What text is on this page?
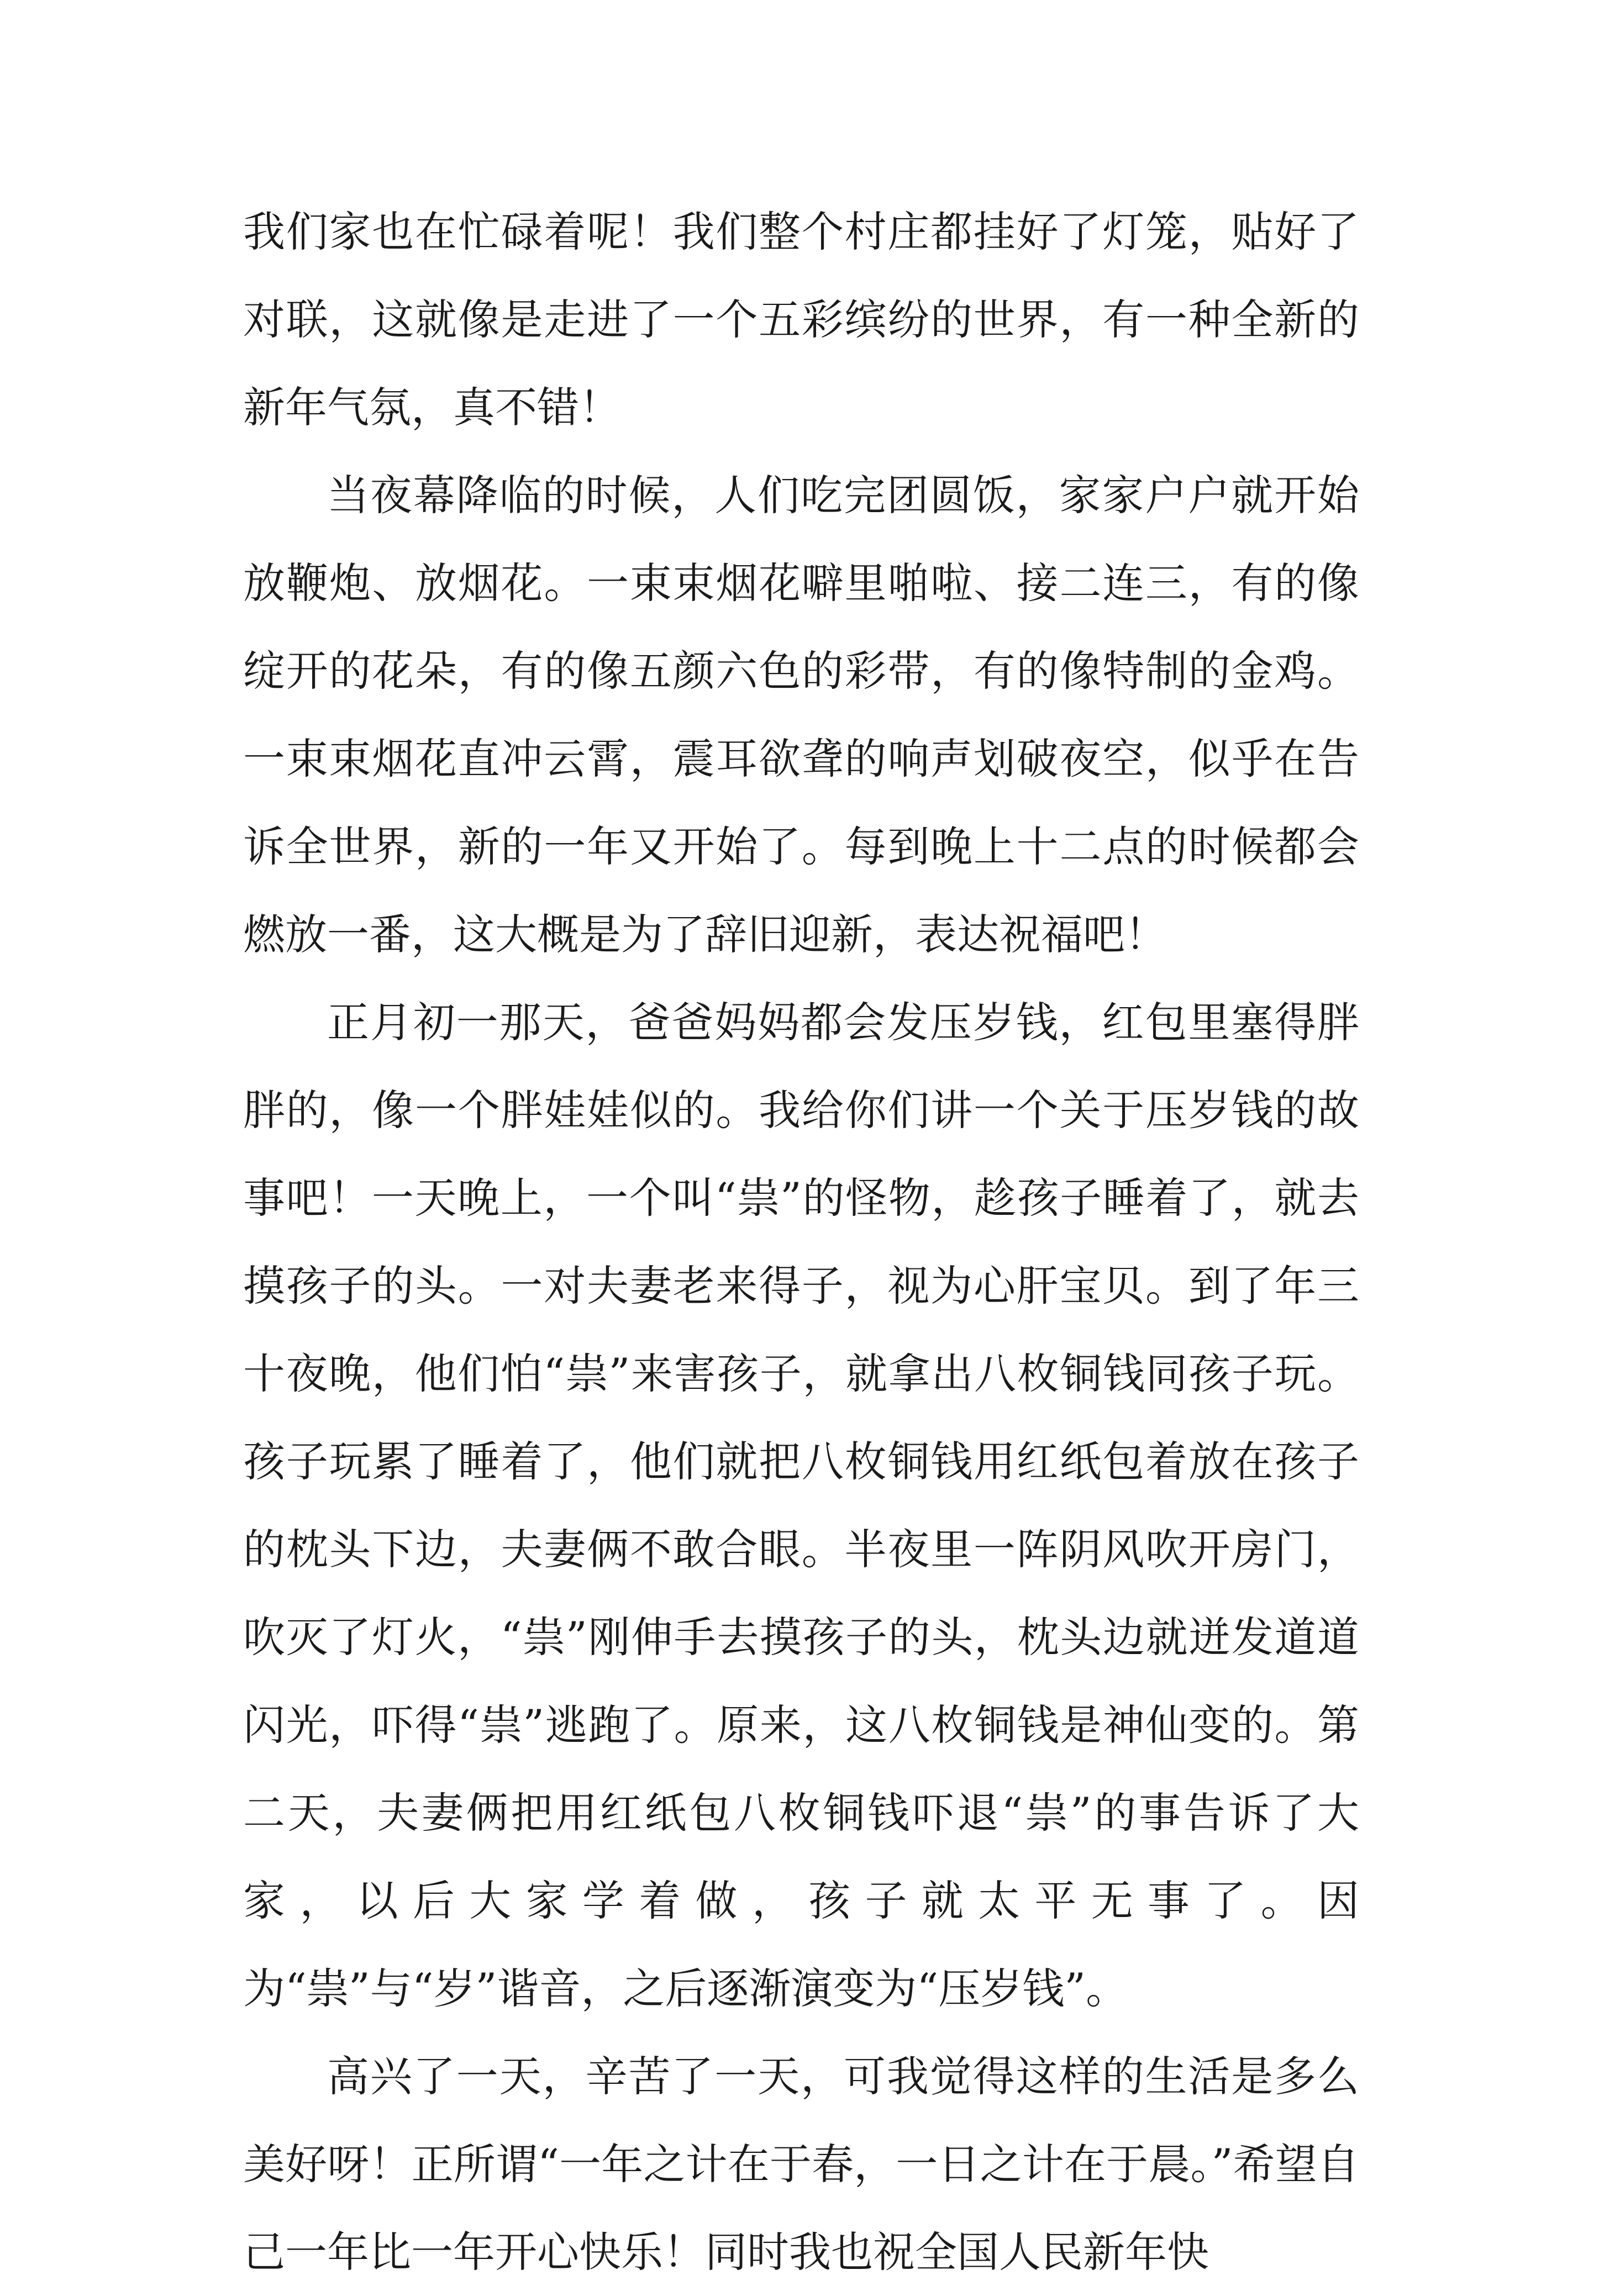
我们家也在忙碌着呢！我们整个村庄都挂好了灯笼，贴好了对联，这就像是走进了一个五彩缤纷的世界，有一种全新的新年气氛，真不错！

当夜幕降临的时候，人们吃完团圆饭，家家户户就开始放鞭炮、放烟花。一束束烟花噼里啪啦、接二连三，有的像绽开的花朵，有的像五颜六色的彩带，有的像特制的金鸡。一束束烟花直冲云霄，震耳欲聋的响声划破夜空，似乎在告诉全世界，新的一年又开始了。每到晚上十二点的时候都会燃放一番，这大概是为了辞旧迎新，表达祝福吧！

正月初一那天，爸爸妈妈都会发压岁钱，红包里塞得胖胖的，像一个胖娃娃似的。我给你们讲一个关于压岁钱的故事吧！一天晚上，一个叫“祟”的怪物，趁孩子睡着了，就去摸孩子的头。一对夫妻老来得子，视为心肝宝贝。到了年三十夜晚，他们怕“祟”来害孩子，就拿出八枚铜钱同孩子玩。孩子玩累了睡着了，他们就把八枚铜钱用红纸包着放在孩子的枕头下边，夫妻俩不敢合眼。半夜里一阵阴风吹开房门，吹灭了灯火，“祟”刚伸手去摸孩子的头，枕头边就迸发道道闪光，吓得“祟”逃跑了。原来，这八枚铜钱是神仙变的。第二天，夫妻俩把用红纸包八枚铜钱吓退“祟”的事告诉了大家，以后大家学着做，孩子就太平无事了。因为“祟”与“岁”谐音，之后逐渐演变为“压岁钱”。

高兴了一天，辛苦了一天，可我觉得这样的生活是多么美好呀！正所谓“一年之计在于春，一日之计在于晨。”希望自己一年比一年开心快乐！同时我也祝全国人民新年快
